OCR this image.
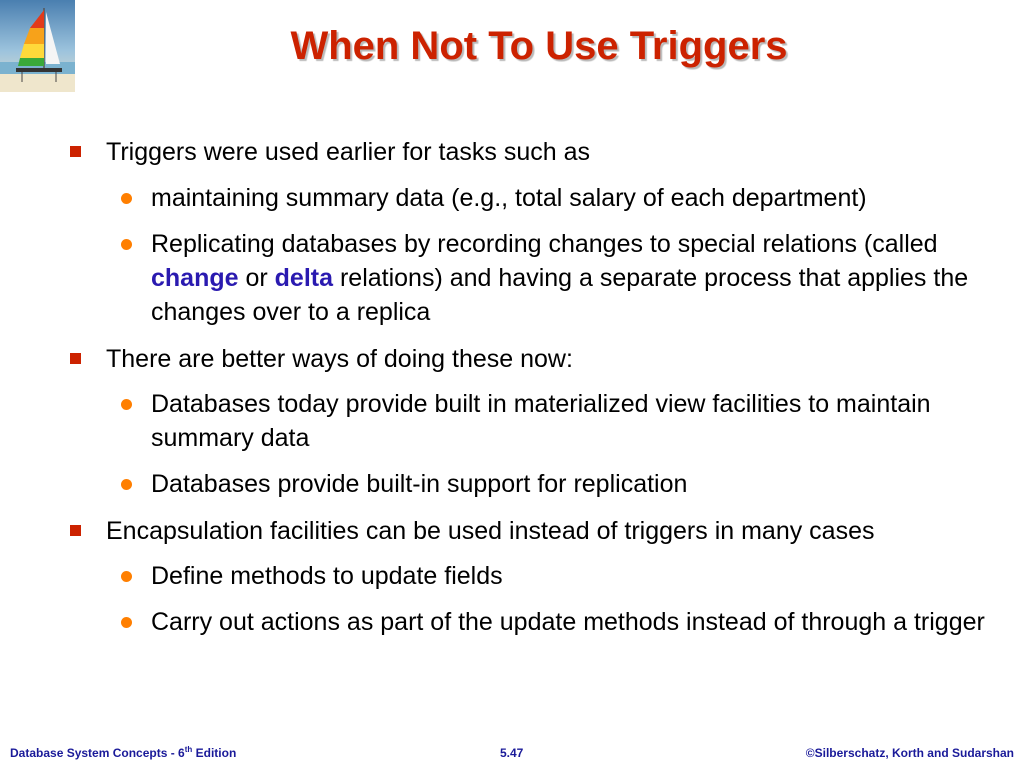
When Not To Use Triggers
Triggers were used earlier for tasks such as
maintaining summary data (e.g., total salary of each department)
Replicating databases by recording changes to special relations (called change or delta relations) and having a separate process that applies the changes over to a replica
There are better ways of doing these now:
Databases today provide built in materialized view facilities to maintain summary data
Databases provide built-in support for replication
Encapsulation facilities can be used instead of triggers in many cases
Define methods to update fields
Carry out actions as part of the update methods instead of through a trigger
Database System Concepts - 6th Edition	5.47	©Silberschatz, Korth and Sudarshan
